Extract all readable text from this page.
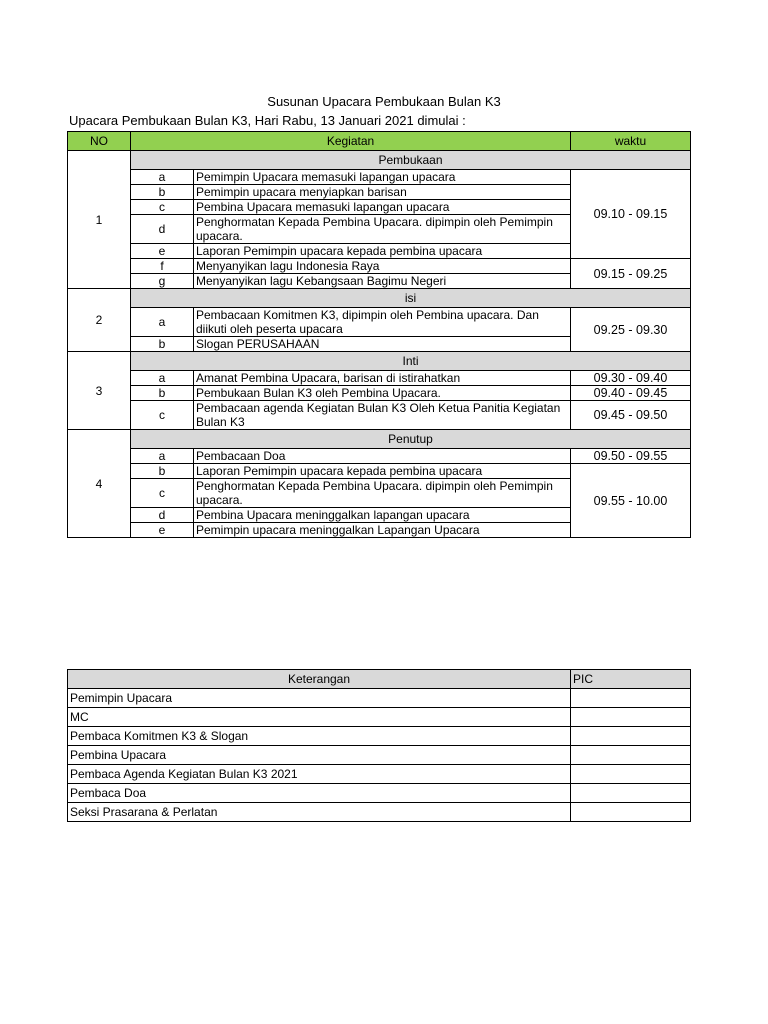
Susunan Upacara Pembukaan Bulan K3
Upacara Pembukaan Bulan K3, Hari Rabu, 13 Januari 2021 dimulai :
NO	Kegiatan		waktu
1	Pembukaan		
	a	Pemimpin Upacara memasuki lapangan upacara	09.10 - 09.15
	b	Pemimpin upacara menyiapkan barisan	
	c	Pembina Upacara memasuki lapangan upacara	
	d	Penghormatan Kepada Pembina Upacara. dipimpin oleh Pemimpin upacara.	
	e	Laporan Pemimpin upacara kepada pembina upacara	
	f	Menyanyikan lagu Indonesia Raya	09.15 - 09.25
	g	Menyanyikan lagu Kebangsaan Bagimu Negeri	
2	isi		
	a	Pembacaan Komitmen K3, dipimpin oleh Pembina upacara. Dan diikuti oleh peserta upacara	09.25 - 09.30
	b	Slogan PERUSAHAAN	
3	Inti		
	a	Amanat Pembina Upacara, barisan di istirahatkan	09.30 - 09.40
	b	Pembukaan Bulan K3 oleh Pembina Upacara.	09.40 - 09.45
	c	Pembacaan agenda Kegiatan Bulan K3 Oleh Ketua Panitia Kegiatan Bulan K3	09.45 - 09.50
4	Penutup		
	a	Pembacaan Doa	09.50 - 09.55
	b	Laporan Pemimpin upacara kepada pembina upacara	09.55 - 10.00
	c	Penghormatan Kepada Pembina Upacara. dipimpin oleh Pemimpin upacara.	
	d	Pembina Upacara meninggalkan lapangan upacara	
	e	Pemimpin upacara meninggalkan Lapangan Upacara	
Keterangan	PIC
Pemimpin Upacara	
MC	
Pembaca Komitmen K3 & Slogan	
Pembina Upacara	
Pembaca Agenda Kegiatan Bulan K3 2021	
Pembaca Doa	
Seksi Prasarana & Perlatan	
